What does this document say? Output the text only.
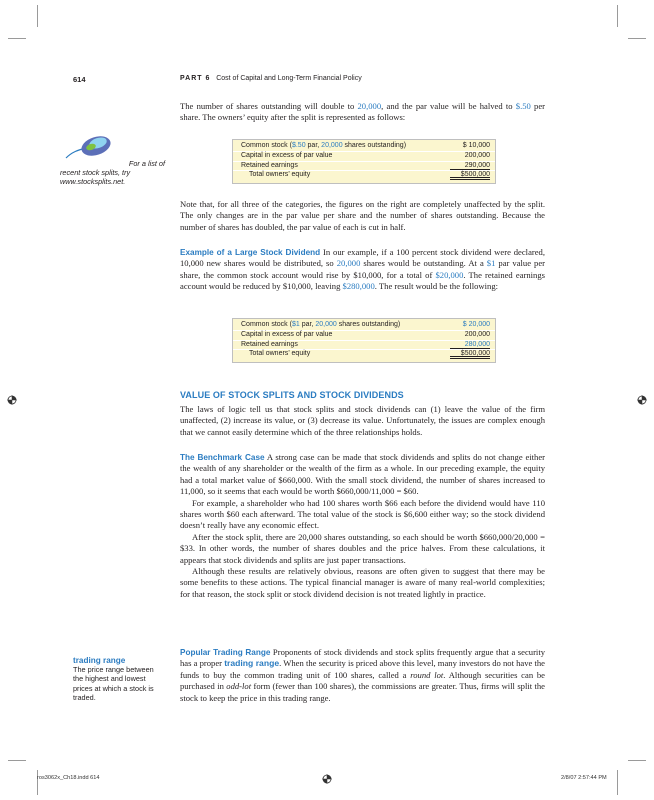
614	PART 6 Cost of Capital and Long-Term Financial Policy

The number of shares outstanding will double to 20,000, and the par value will be halved to $.50 per share. The owners’ equity after the split is represented as follows:

For a list of
recent stock splits, try
www.stocksplits.net.
Common stock ($.50 par, 20,000 shares outstanding)	$ 10,000
Capital in excess of par value	200,000
Retained earnings	290,000
Total owners’ equity	$500,000

Note that, for all three of the categories, the figures on the right are completely unaffected by the split. The only changes are in the par value per share and the number of shares outstanding. Because the number of shares has doubled, the par value of each is cut in half.

Example of a Large Stock Dividend In our example, if a 100 percent stock dividend were declared, 10,000 new shares would be distributed, so 20,000 shares would be outstanding. At a $1 par value per share, the common stock account would rise by $10,000, for a total of $20,000. The retained earnings account would be reduced by $10,000, leaving $280,000. The result would be the following:

Common stock ($1 par, 20,000 shares outstanding)	$ 20,000
Capital in excess of par value	200,000
Retained earnings	280,000
Total owners’ equity	$500,000
VALUE OF STOCK SPLITS AND STOCK DIVIDENDS

The laws of logic tell us that stock splits and stock dividends can (1) leave the value of the firm unaffected, (2) increase its value, or (3) decrease its value. Unfortunately, the issues are complex enough that we cannot easily determine which of the three relationships holds.

The Benchmark Case A strong case can be made that stock dividends and splits do not change either the wealth of any shareholder or the wealth of the firm as a whole. In our preceding example, the equity had a total market value of $660,000. With the small stock dividend, the number of shares increased to 11,000, so it seems that each would be worth $660,000/11,000 = $60.

For example, a shareholder who had 100 shares worth $66 each before the dividend would have 110 shares worth $60 each afterward. The total value of the stock is $6,600 either way; so the stock dividend doesn’t really have any economic effect.

After the stock split, there are 20,000 shares outstanding, so each should be worth $660,000/20,000 = $33. In other words, the number of shares doubles and the price halves. From these calculations, it appears that stock dividends and splits are just paper transactions.

Although these results are relatively obvious, reasons are often given to suggest that there may be some benefits to these actions. The typical financial manager is aware of many real-world complexities; for that reason, the stock split or stock dividend decision is not treated lightly in practice.

Popular Trading Range Proponents of stock dividends and stock splits frequently argue that a security has a proper trading range. When the security is priced above this level, many investors do not have the funds to buy the common trading unit of 100 shares, called a round lot. Although securities can be purchased in odd-lot form (fewer than 100 shares), the commissions are greater. Thus, firms will split the stock to keep the price in this trading range.

trading range
The price range between
the highest and lowest
prices at which a stock is
traded.
ros3062x_Ch18.indd 614	2/8/07 2:57:44 PM
